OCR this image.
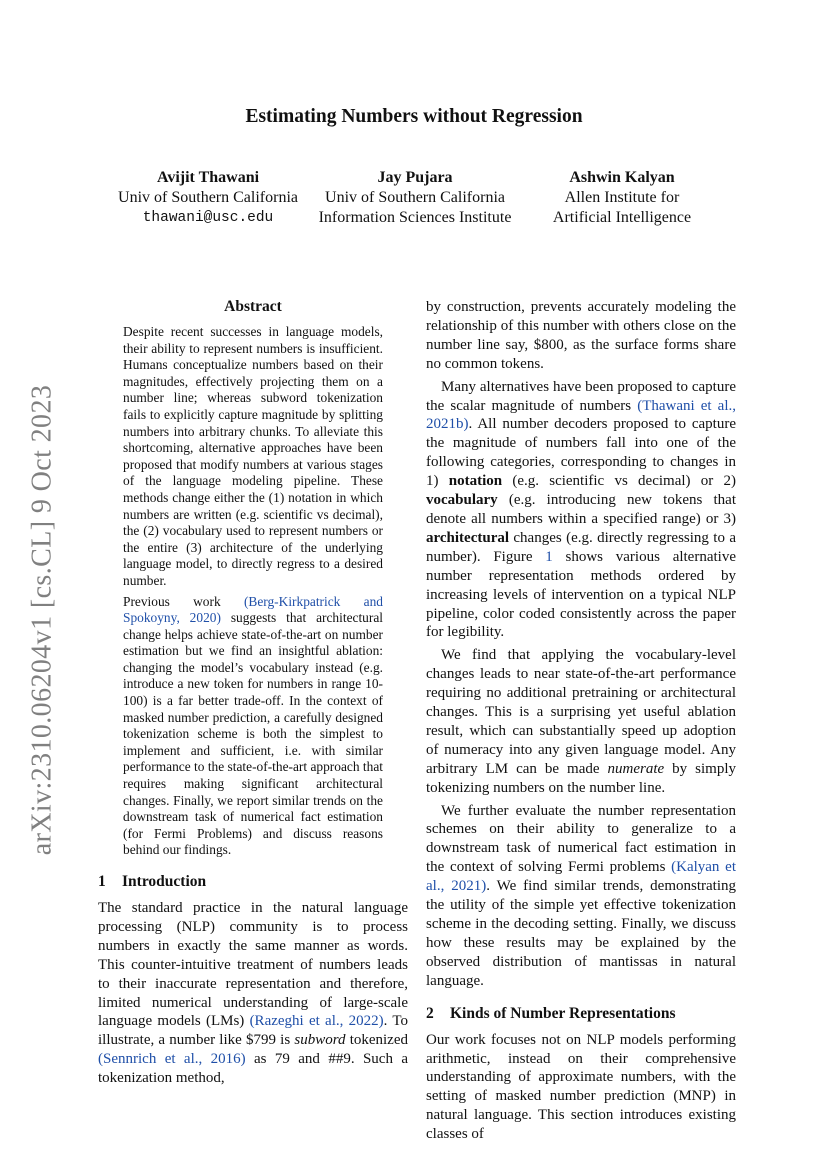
arXiv:2310.06204v1 [cs.CL] 9 Oct 2023
Estimating Numbers without Regression
Avijit Thawani
Univ of Southern California
thawani@usc.edu
Jay Pujara
Univ of Southern California
Information Sciences Institute
Ashwin Kalyan
Allen Institute for
Artificial Intelligence
Abstract

Despite recent successes in language models, their ability to represent numbers is insufficient. Humans conceptualize numbers based on their magnitudes, effectively projecting them on a number line; whereas subword tokenization fails to explicitly capture magnitude by splitting numbers into arbitrary chunks. To alleviate this shortcoming, alternative approaches have been proposed that modify numbers at various stages of the language modeling pipeline. These methods change either the (1) notation in which numbers are written (e.g. scientific vs decimal), the (2) vocabulary used to represent numbers or the entire (3) architecture of the underlying language model, to directly regress to a desired number.

Previous work (Berg-Kirkpatrick and Spokoyny, 2020) suggests that architectural change helps achieve state-of-the-art on number estimation but we find an insightful ablation: changing the model’s vocabulary instead (e.g. introduce a new token for numbers in range 10-100) is a far better trade-off. In the context of masked number prediction, a carefully designed tokenization scheme is both the simplest to implement and sufficient, i.e. with similar performance to the state-of-the-art approach that requires making significant architectural changes. Finally, we report similar trends on the downstream task of numerical fact estimation (for Fermi Problems) and discuss reasons behind our findings.

1 Introduction

The standard practice in the natural language processing (NLP) community is to process numbers in exactly the same manner as words. This counter-intuitive treatment of numbers leads to their inaccurate representation and therefore, limited numerical understanding of large-scale language models (LMs) (Razeghi et al., 2022). To illustrate, a number like $799 is subword tokenized (Sennrich et al., 2016) as 79 and ##9. Such a tokenization method,

by construction, prevents accurately modeling the relationship of this number with others close on the number line say, $800, as the surface forms share no common tokens.

Many alternatives have been proposed to capture the scalar magnitude of numbers (Thawani et al., 2021b). All number decoders proposed to capture the magnitude of numbers fall into one of the following categories, corresponding to changes in 1) notation (e.g. scientific vs decimal) or 2) vocabulary (e.g. introducing new tokens that denote all numbers within a specified range) or 3) architectural changes (e.g. directly regressing to a number). Figure 1 shows various alternative number representation methods ordered by increasing levels of intervention on a typical NLP pipeline, color coded consistently across the paper for legibility.

We find that applying the vocabulary-level changes leads to near state-of-the-art performance requiring no additional pretraining or architectural changes. This is a surprising yet useful ablation result, which can substantially speed up adoption of numeracy into any given language model. Any arbitrary LM can be made numerate by simply tokenizing numbers on the number line.

We further evaluate the number representation schemes on their ability to generalize to a downstream task of numerical fact estimation in the context of solving Fermi problems (Kalyan et al., 2021). We find similar trends, demonstrating the utility of the simple yet effective tokenization scheme in the decoding setting. Finally, we discuss how these results may be explained by the observed distribution of mantissas in natural language.

2 Kinds of Number Representations

Our work focuses not on NLP models performing arithmetic, instead on their comprehensive understanding of approximate numbers, with the setting of masked number prediction (MNP) in natural language. This section introduces existing classes of
